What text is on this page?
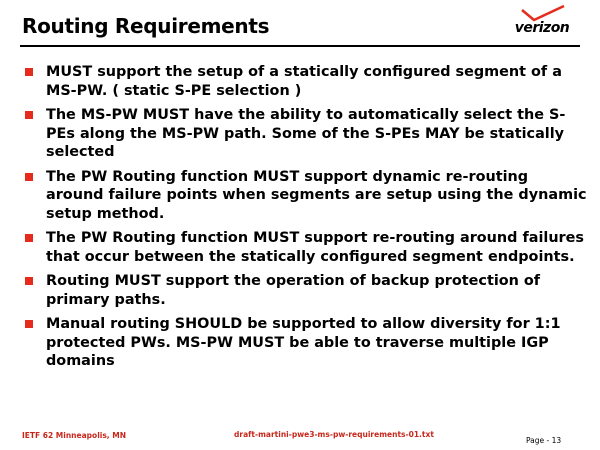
Routing Requirements	verizon
MUST support the setup of a statically configured segment of a MS-PW. ( static S-PE selection )
The MS-PW MUST have the ability to automatically select the S-PEs along the MS-PW path. Some of the S-PEs MAY be statically selected
The PW Routing function MUST support dynamic re-routing around failure points when segments are setup using the dynamic setup method.
The PW Routing function MUST support re-routing around failures that occur between the statically configured segment endpoints.
Routing MUST support the operation of backup protection of primary paths.
Manual routing SHOULD be supported to allow diversity for 1:1 protected PWs. MS-PW MUST be able to traverse multiple IGP domains
IETF 62 Minneapolis, MN	draft-martini-pwe3-ms-pw-requirements-01.txt
Page - 13
